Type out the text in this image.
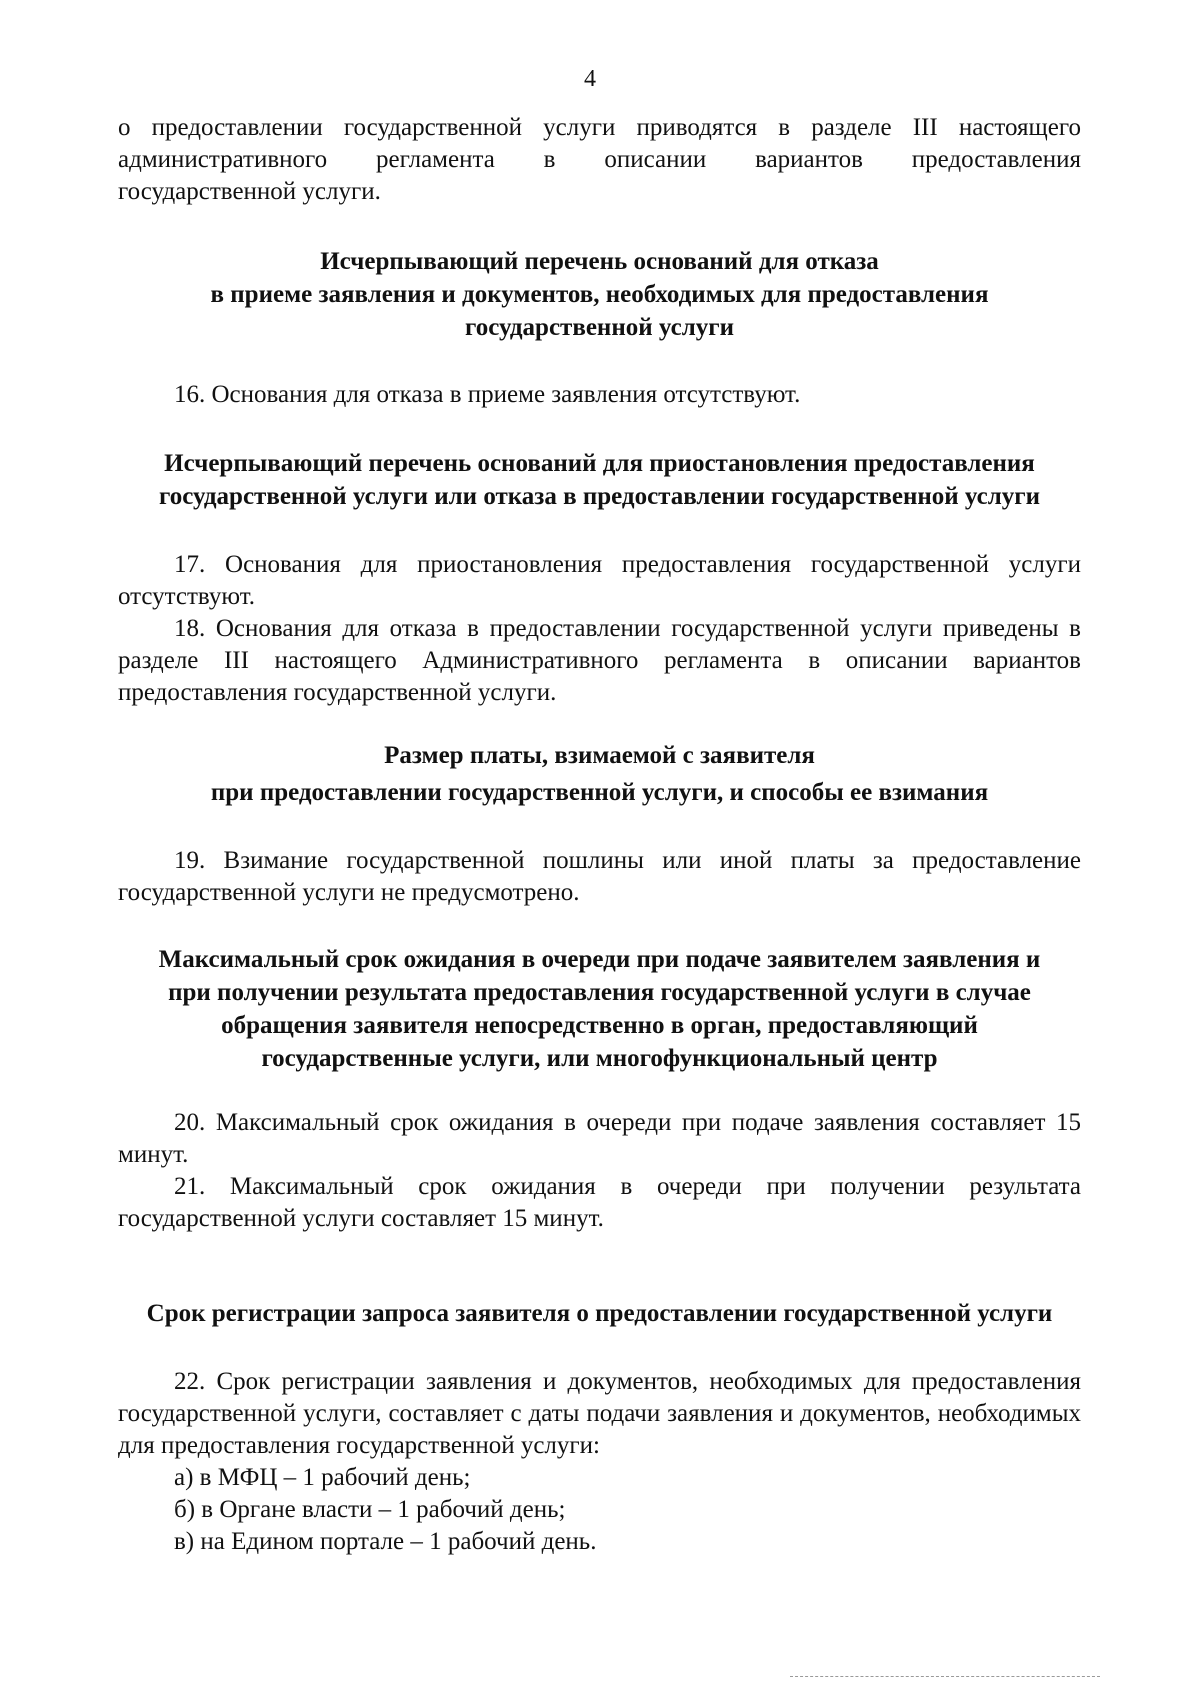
4

о предоставлении государственной услуги приводятся в разделе III настоящего
административного регламента в описании вариантов предоставления
государственной услуги.

Исчерпывающий перечень оснований для отказа
в приеме заявления и документов, необходимых для предоставления
государственной услуги

16. Основания для отказа в приеме заявления отсутствуют.

Исчерпывающий перечень оснований для приостановления предоставления
государственной услуги или отказа в предоставлении государственной услуги

17. Основания для приостановления предоставления государственной услуги отсутствуют.

18. Основания для отказа в предоставлении государственной услуги приведены в разделе III настоящего Административного регламента в описании вариантов предоставления государственной услуги.

Размер платы, взимаемой с заявителя
при предоставлении государственной услуги, и способы ее взимания

19. Взимание государственной пошлины или иной платы за предоставление государственной услуги не предусмотрено.

Максимальный срок ожидания в очереди при подаче заявителем заявления и
при получении результата предоставления государственной услуги в случае
обращения заявителя непосредственно в орган, предоставляющий
государственные услуги, или многофункциональный центр

20. Максимальный срок ожидания в очереди при подаче заявления составляет 15 минут.

21. Максимальный срок ожидания в очереди при получении результата государственной услуги составляет 15 минут.

Срок регистрации запроса заявителя о предоставлении государственной услуги

22. Срок регистрации заявления и документов, необходимых для предоставления государственной услуги, составляет с даты подачи заявления и документов, необходимых для предоставления государственной услуги:

а) в МФЦ – 1 рабочий день;

б) в Органе власти – 1 рабочий день;

в) на Едином портале – 1 рабочий день.
